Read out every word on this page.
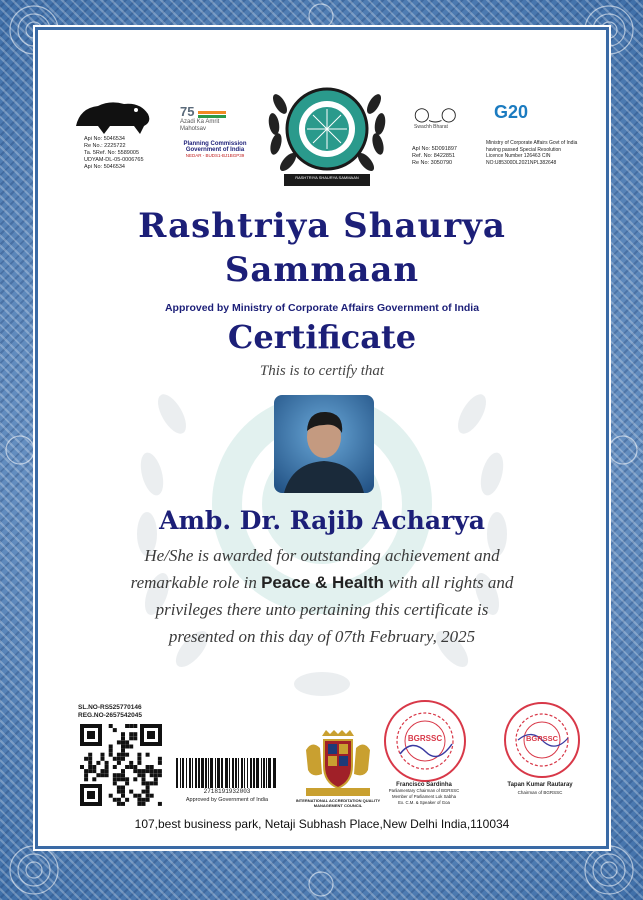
Api No: 5046534
Re No.: 2225722
Ta. 5Ref. No: 5589005
UDYAM-DL-05-0006765
Api No: 5046534
75
Azadi Ka Amrit Mahotsav
Planning Commission
Government of India
NEDAR - BUDS1-BJ1BGP39
RASHTRIYA SHAURYA SAMMAAN
◯‿◯
Swachh Bharat
G20
Apl No: 5D091897
Ref. No: 8422851
Re No: 3050790
Ministry of Corporate Affairs Govt of India
having passed Special Resolution
Licence Number 126463 CIN
NO:U85300DL2021NPL382648
Rashtriya Shaurya
Sammaan
Approved by Ministry of Corporate Affairs Government of India
Certificate
This is to certify that
Amb. Dr. Rajib Acharya
He/She is awarded for outstanding achievement and
remarkable role in Peace & Health with all rights and
privileges there unto pertaining this certificate is
presented on this day of 07th February, 2025
SL.NO-RS525770146
REG.NO-2657542045
2718191932003
Approved by Government of India	INTERNATIONAL ACCREDITATION QUALITY MANAGEMENT COUNCIL
BGRSSC	BGRSSC
Francisco Sardinha
Parliamentary Chairman of BGRSSC
Member of Parliament Lok Sabha
Ex. C.M. & Speaker of Goa
Tapan Kumar Rautaray
Chairman of BGRSSC
107,best business park, Netaji Subhash Place,New Delhi India,110034
